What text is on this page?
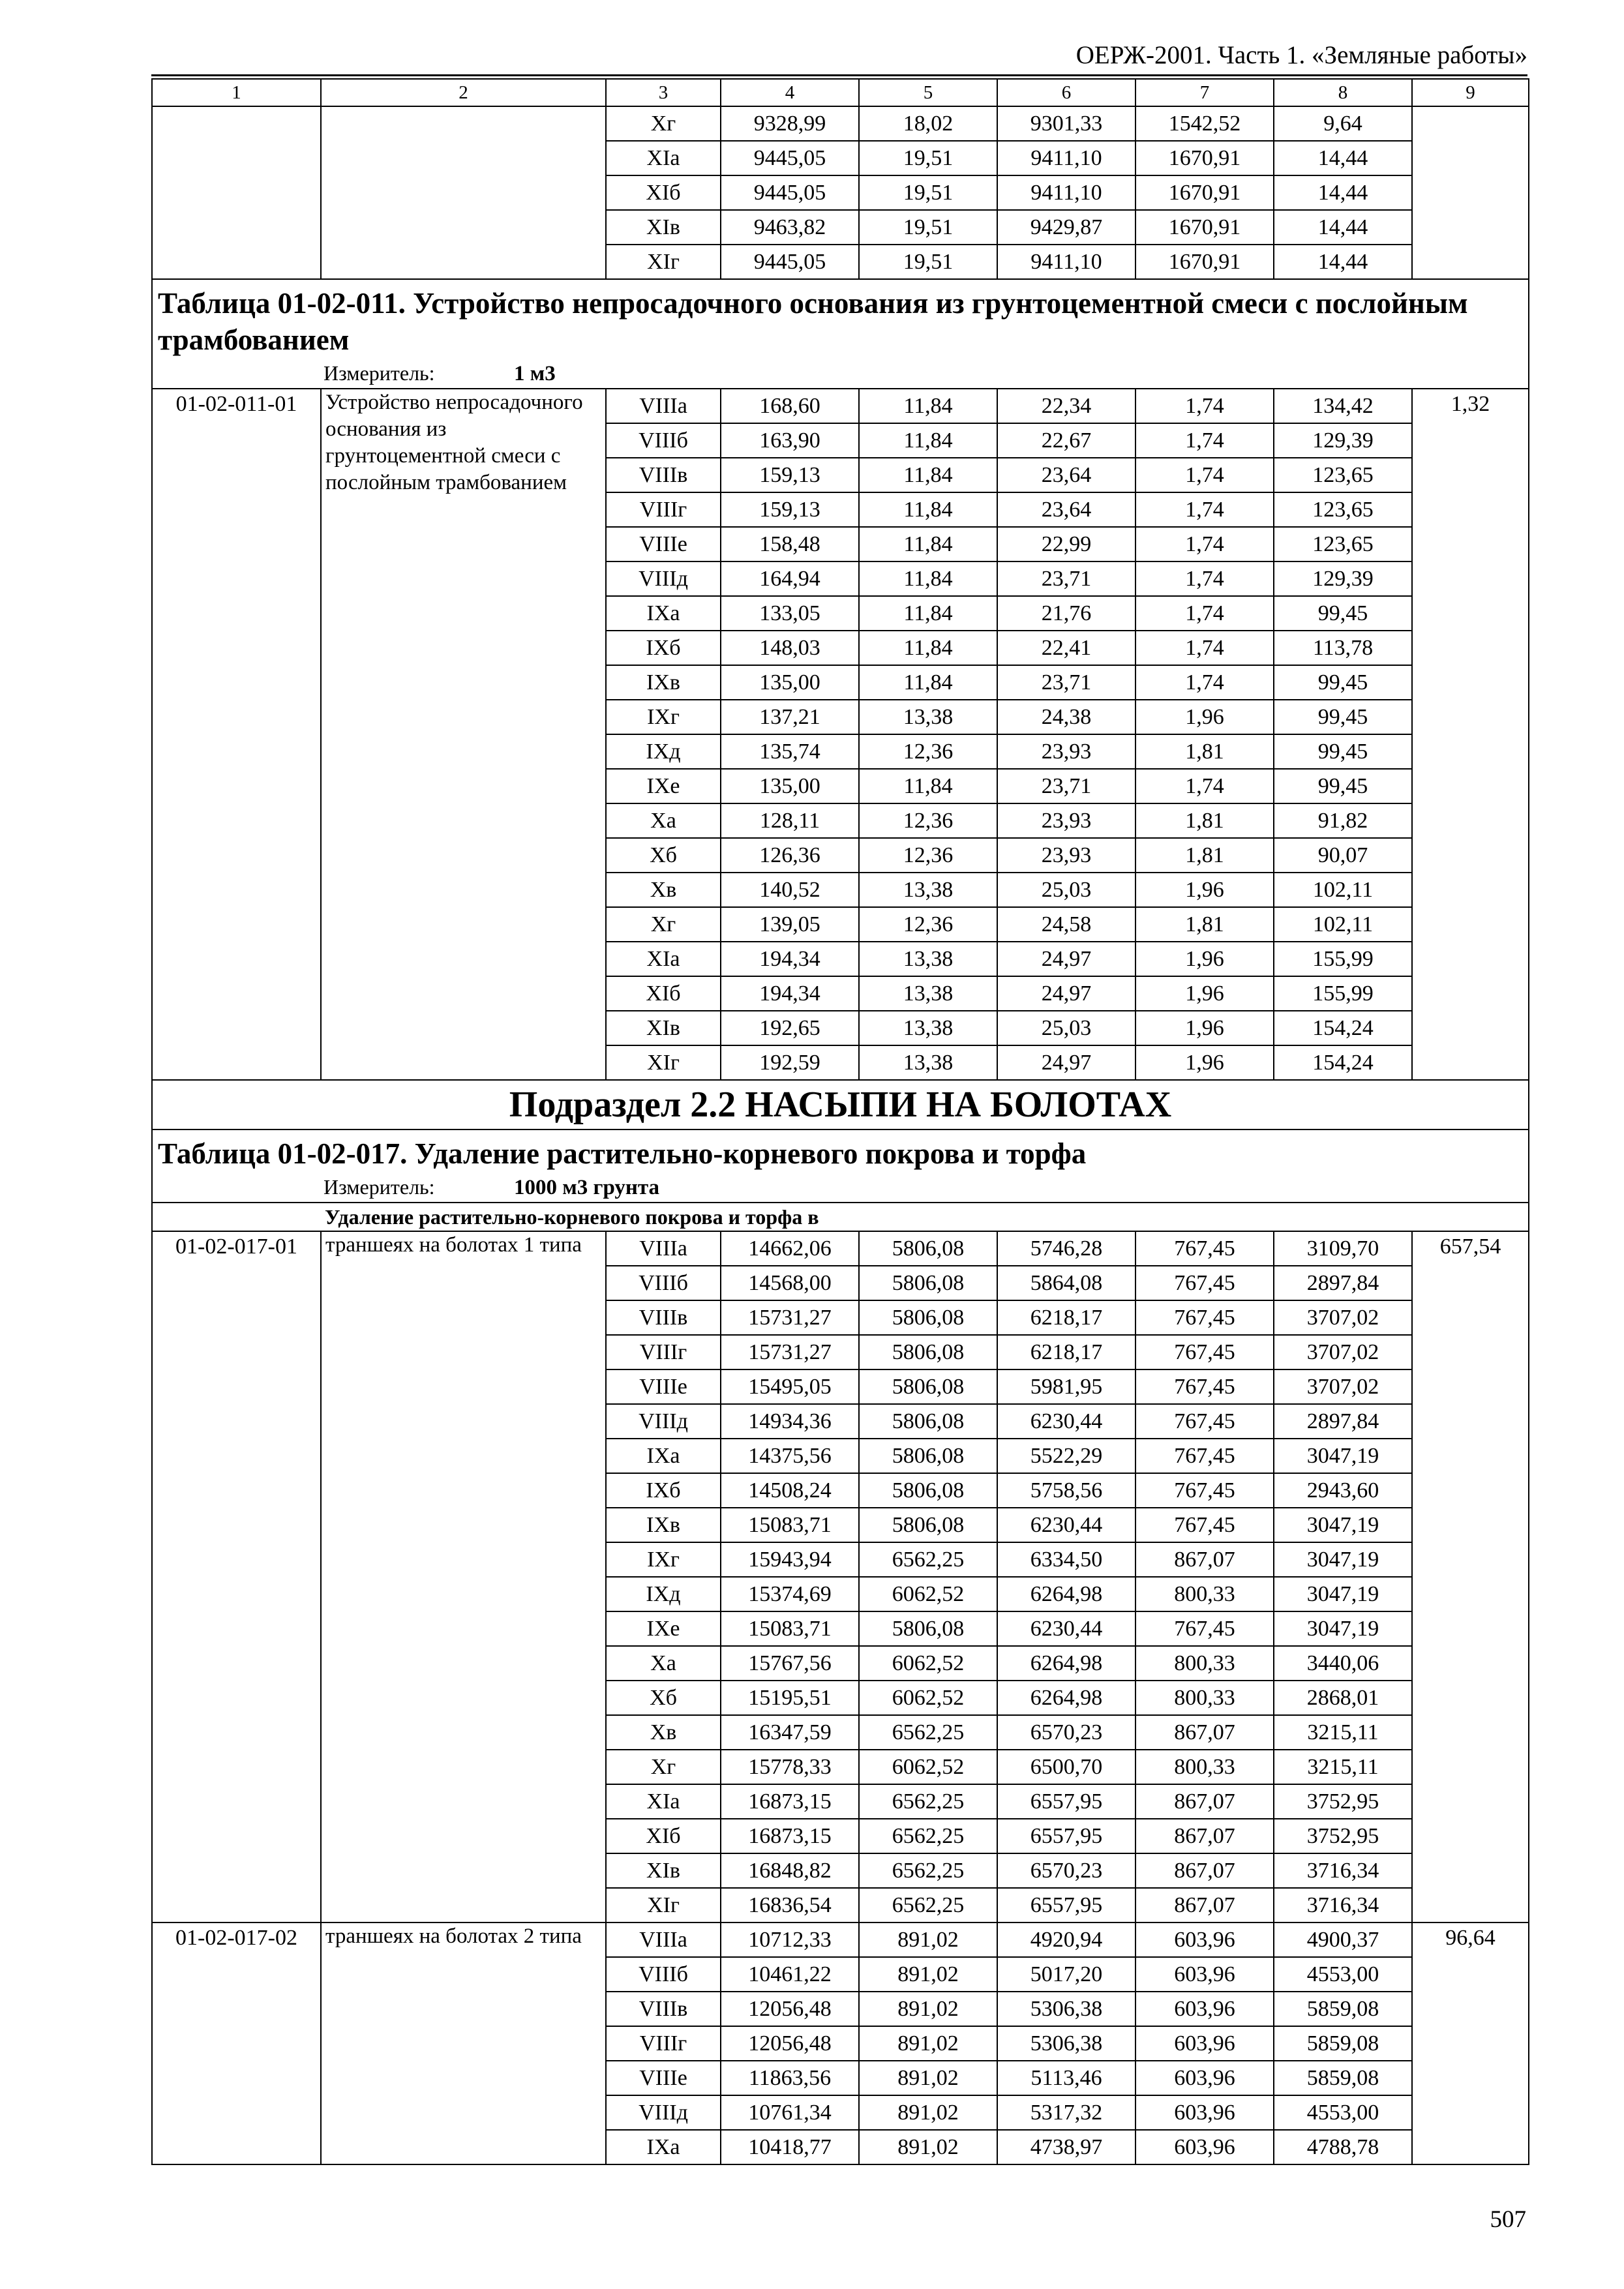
ОЕРЖ-2001. Часть 1. «Земляные работы»
1	2	3	4	5	6	7	8	9
		Xг	9328,99	18,02	9301,33	1542,52	9,64	
		XIа	9445,05	19,51	9411,10	1670,91	14,44	
		XIб	9445,05	19,51	9411,10	1670,91	14,44	
		XIв	9463,82	19,51	9429,87	1670,91	14,44	
		XIг	9445,05	19,51	9411,10	1670,91	14,44	
Таблица 01-02-011. Устройство непросадочного основания из грунтоцементной смеси с послойным трамбованием								
Измеритель: 1 м3								
01-02-011-01	Устройство непросадочного основания из грунтоцементной смеси с послойным трамбованием	VIIIа	168,60	11,84	22,34	1,74	134,42	1,32
		VIIIб	163,90	11,84	22,67	1,74	129,39	
		VIIIв	159,13	11,84	23,64	1,74	123,65	
		VIIIг	159,13	11,84	23,64	1,74	123,65	
		VIIIе	158,48	11,84	22,99	1,74	123,65	
		VIIIд	164,94	11,84	23,71	1,74	129,39	
		IXа	133,05	11,84	21,76	1,74	99,45	
		IXб	148,03	11,84	22,41	1,74	113,78	
		IXв	135,00	11,84	23,71	1,74	99,45	
		IXг	137,21	13,38	24,38	1,96	99,45	
		IXд	135,74	12,36	23,93	1,81	99,45	
		IXе	135,00	11,84	23,71	1,74	99,45	
		Xа	128,11	12,36	23,93	1,81	91,82	
		Xб	126,36	12,36	23,93	1,81	90,07	
		Xв	140,52	13,38	25,03	1,96	102,11	
		Xг	139,05	12,36	24,58	1,81	102,11	
		XIа	194,34	13,38	24,97	1,96	155,99	
		XIб	194,34	13,38	24,97	1,96	155,99	
		XIв	192,65	13,38	25,03	1,96	154,24	
		XIг	192,59	13,38	24,97	1,96	154,24	
Подраздел 2.2 НАСЫПИ НА БОЛОТАХ								
Таблица 01-02-017. Удаление растительно-корневого покрова и торфа								
Измеритель: 1000 м3 грунта								
Удаление растительно-корневого покрова и торфа в								
01-02-017-01	траншеях на болотах 1 типа	VIIIа	14662,06	5806,08	5746,28	767,45	3109,70	657,54
		VIIIб	14568,00	5806,08	5864,08	767,45	2897,84	
		VIIIв	15731,27	5806,08	6218,17	767,45	3707,02	
		VIIIг	15731,27	5806,08	6218,17	767,45	3707,02	
		VIIIе	15495,05	5806,08	5981,95	767,45	3707,02	
		VIIIд	14934,36	5806,08	6230,44	767,45	2897,84	
		IXа	14375,56	5806,08	5522,29	767,45	3047,19	
		IXб	14508,24	5806,08	5758,56	767,45	2943,60	
		IXв	15083,71	5806,08	6230,44	767,45	3047,19	
		IXг	15943,94	6562,25	6334,50	867,07	3047,19	
		IXд	15374,69	6062,52	6264,98	800,33	3047,19	
		IXе	15083,71	5806,08	6230,44	767,45	3047,19	
		Xа	15767,56	6062,52	6264,98	800,33	3440,06	
		Xб	15195,51	6062,52	6264,98	800,33	2868,01	
		Xв	16347,59	6562,25	6570,23	867,07	3215,11	
		Xг	15778,33	6062,52	6500,70	800,33	3215,11	
		XIа	16873,15	6562,25	6557,95	867,07	3752,95	
		XIб	16873,15	6562,25	6557,95	867,07	3752,95	
		XIв	16848,82	6562,25	6570,23	867,07	3716,34	
		XIг	16836,54	6562,25	6557,95	867,07	3716,34	
01-02-017-02	траншеях на болотах 2 типа	VIIIа	10712,33	891,02	4920,94	603,96	4900,37	96,64
		VIIIб	10461,22	891,02	5017,20	603,96	4553,00	
		VIIIв	12056,48	891,02	5306,38	603,96	5859,08	
		VIIIг	12056,48	891,02	5306,38	603,96	5859,08	
		VIIIе	11863,56	891,02	5113,46	603,96	5859,08	
		VIIIд	10761,34	891,02	5317,32	603,96	4553,00	
		IXа	10418,77	891,02	4738,97	603,96	4788,78	
507
